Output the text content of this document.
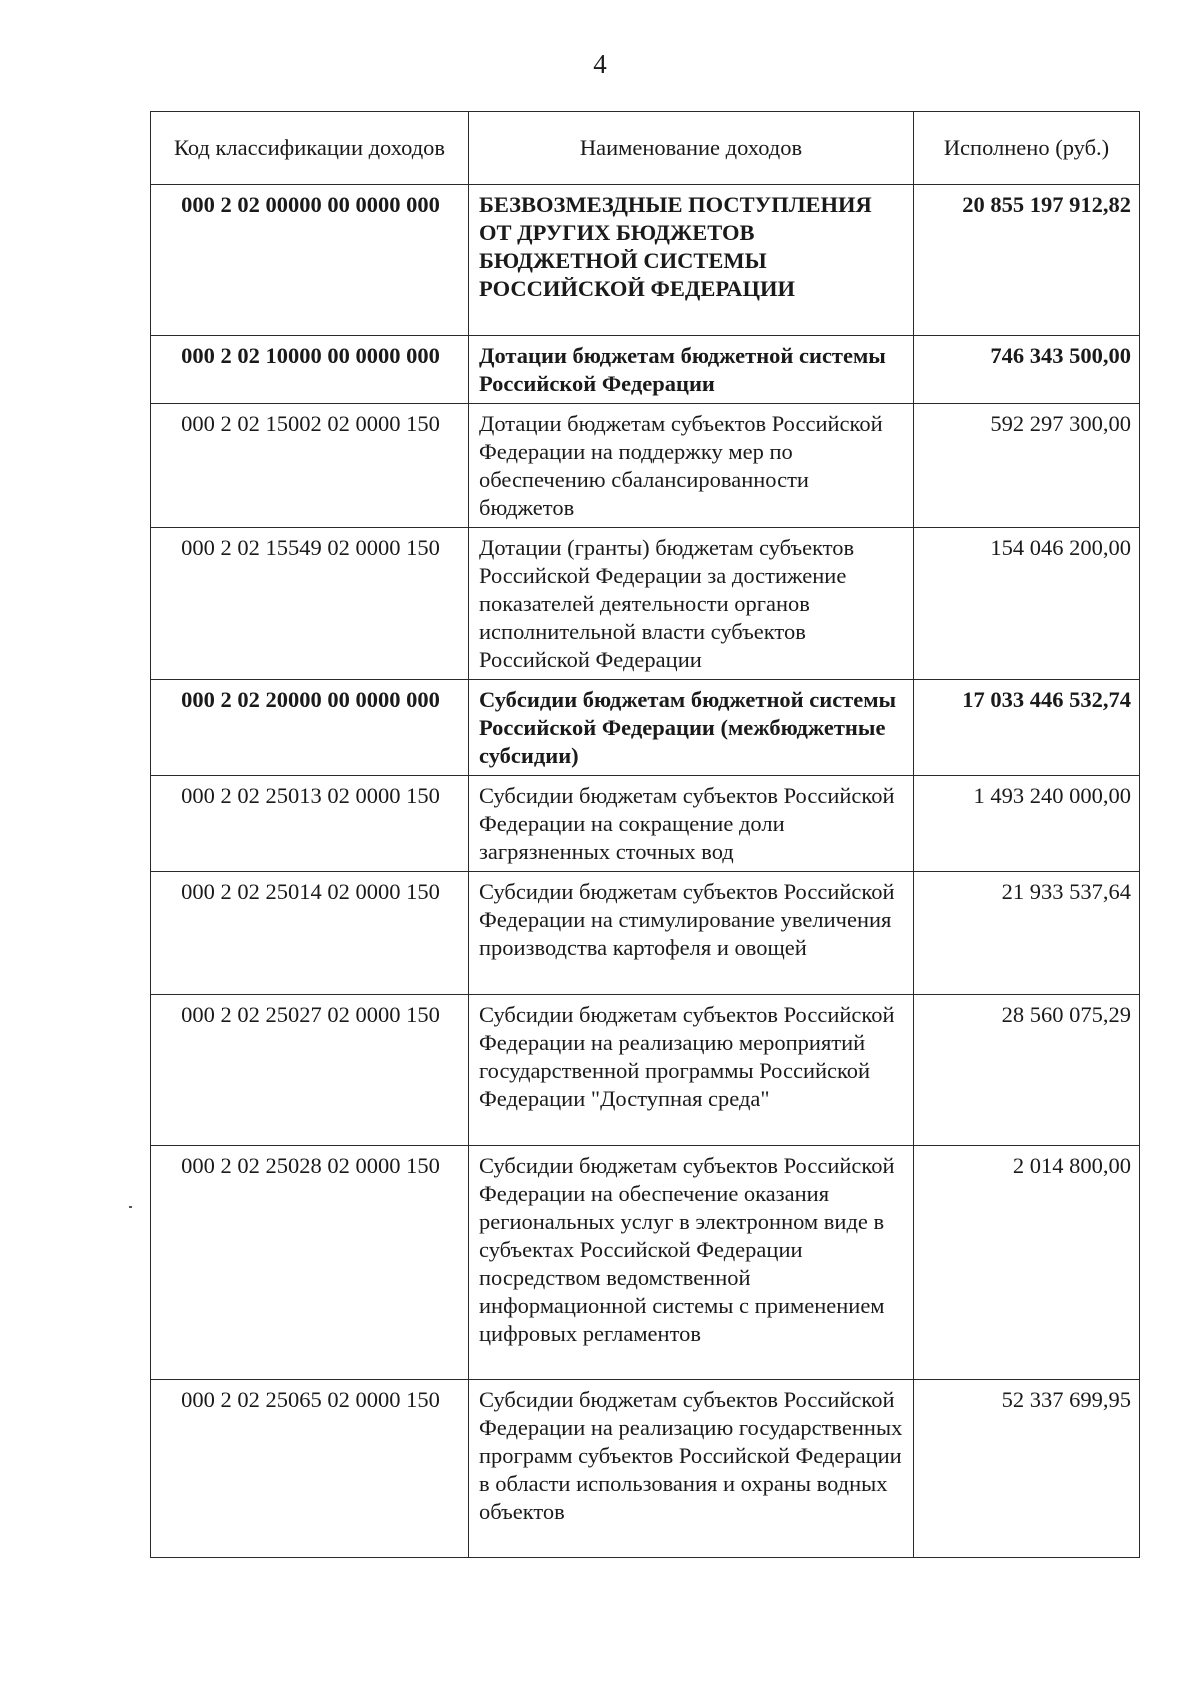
4
Код классификации доходов	Наименование доходов	Исполнено (руб.)
000 2 02 00000 00 0000 000	БЕЗВОЗМЕЗДНЫЕ ПОСТУПЛЕНИЯ ОТ ДРУГИХ БЮДЖЕТОВ БЮДЖЕТНОЙ СИСТЕМЫ РОССИЙСКОЙ ФЕДЕРАЦИИ	20 855 197 912,82
000 2 02 10000 00 0000 000	Дотации бюджетам бюджетной системы Российской Федерации	746 343 500,00
000 2 02 15002 02 0000 150	Дотации бюджетам субъектов Российской Федерации на поддержку мер по обеспечению сбалансированности бюджетов	592 297 300,00
000 2 02 15549 02 0000 150	Дотации (гранты) бюджетам субъектов Российской Федерации за достижение показателей деятельности органов исполнительной власти субъектов Российской Федерации	154 046 200,00
000 2 02 20000 00 0000 000	Субсидии бюджетам бюджетной системы Российской Федерации (межбюджетные субсидии)	17 033 446 532,74
000 2 02 25013 02 0000 150	Субсидии бюджетам субъектов Российской Федерации на сокращение доли загрязненных сточных вод	1 493 240 000,00
000 2 02 25014 02 0000 150	Субсидии бюджетам субъектов Российской Федерации на стимулирование увеличения производства картофеля и овощей	21 933 537,64
000 2 02 25027 02 0000 150	Субсидии бюджетам субъектов Российской Федерации на реализацию мероприятий государственной программы Российской Федерации "Доступная среда"	28 560 075,29
000 2 02 25028 02 0000 150	Субсидии бюджетам субъектов Российской Федерации на обеспечение оказания региональных услуг в электронном виде в субъектах Российской Федерации посредством ведомственной информационной системы с применением цифровых регламентов	2 014 800,00
000 2 02 25065 02 0000 150	Субсидии бюджетам субъектов Российской Федерации на реализацию государственных программ субъектов Российской Федерации в области использования и охраны водных объектов	52 337 699,95
